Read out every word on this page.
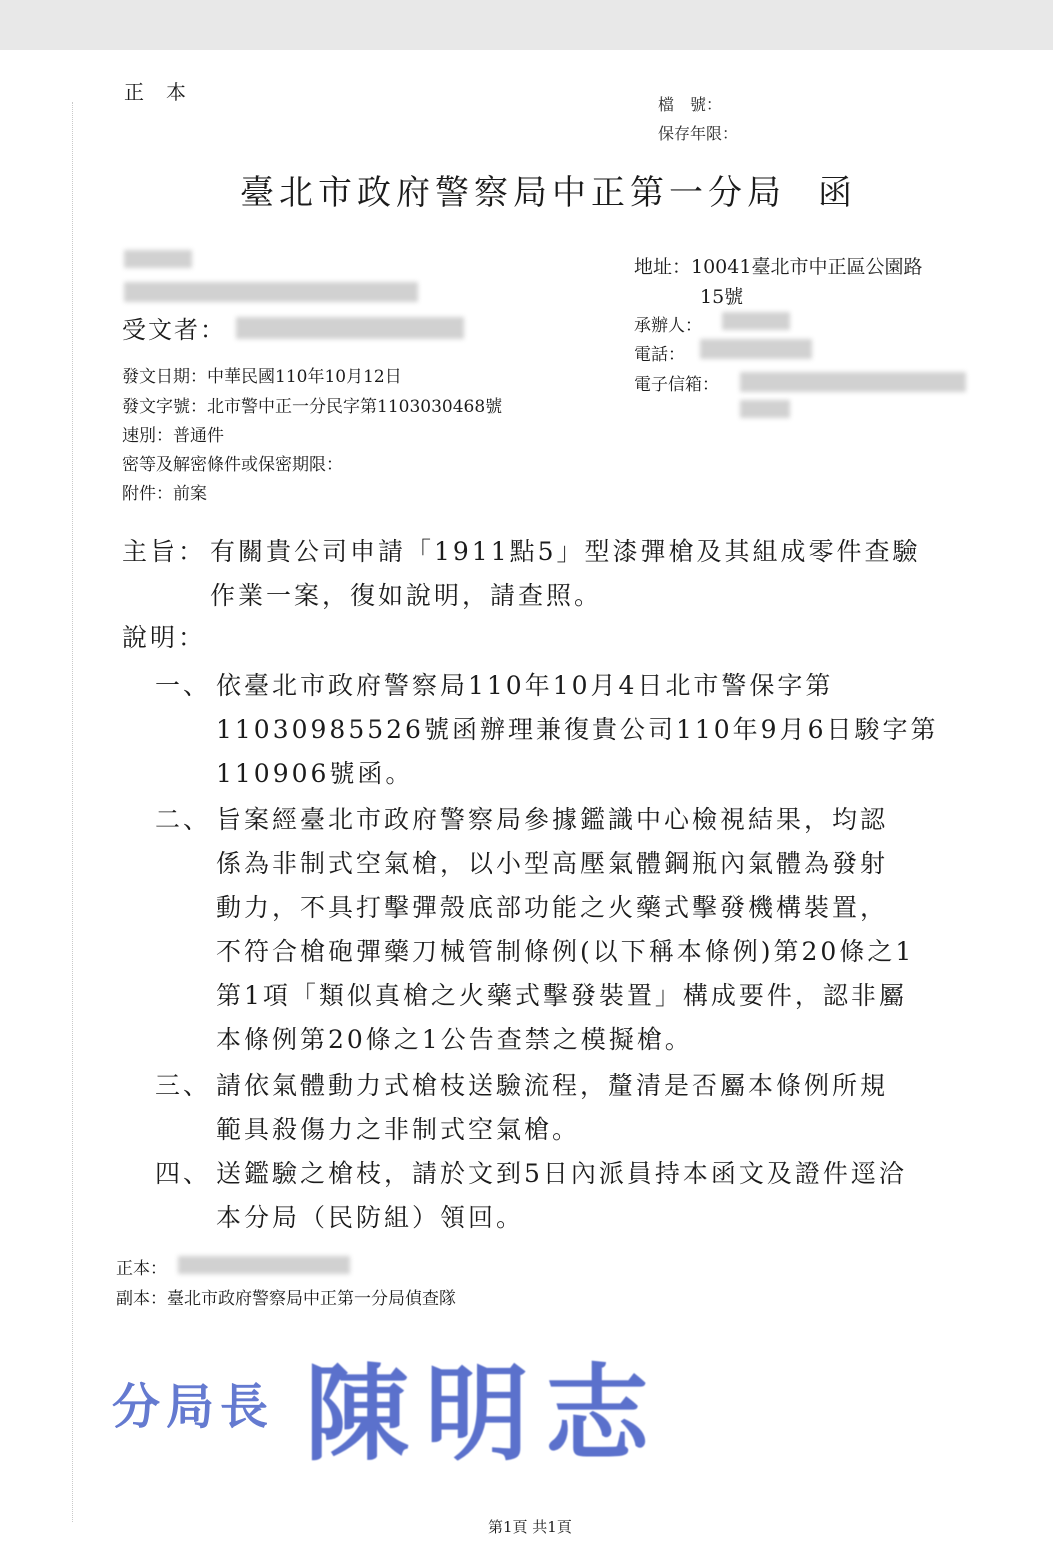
正本
檔　號：
保存年限：
臺北市政府警察局中正第一分局 函
受文者：
地址：10041臺北市中正區公園路
15號
承辦人：
電話：
電子信箱：
發文日期：中華民國110年10月12日
發文字號：北市警中正一分民字第1103030468號
速別：普通件
密等及解密條件或保密期限：
附件：前案
主旨： 有關貴公司申請「1911點5」型漆彈槍及其組成零件查驗
作業一案，復如說明，請查照。
說明：
一、 依臺北市政府警察局110年10月4日北市警保字第
11030985526號函辦理兼復貴公司110年9月6日駿字第
110906號函。
二、 旨案經臺北市政府警察局參據鑑識中心檢視結果，均認
係為非制式空氣槍，以小型高壓氣體鋼瓶內氣體為發射
動力，不具打擊彈殼底部功能之火藥式擊發機構裝置，
不符合槍砲彈藥刀械管制條例(以下稱本條例)第20條之1
第1項「類似真槍之火藥式擊發裝置」構成要件，認非屬
本條例第20條之1公告查禁之模擬槍。
三、 請依氣體動力式槍枝送驗流程，釐清是否屬本條例所規
範具殺傷力之非制式空氣槍。
四、 送鑑驗之槍枝，請於文到5日內派員持本函文及證件逕洽
本分局（民防組）領回。
正本：
副本：臺北市政府警察局中正第一分局偵查隊
分局長 陳明志
第1頁 共1頁
